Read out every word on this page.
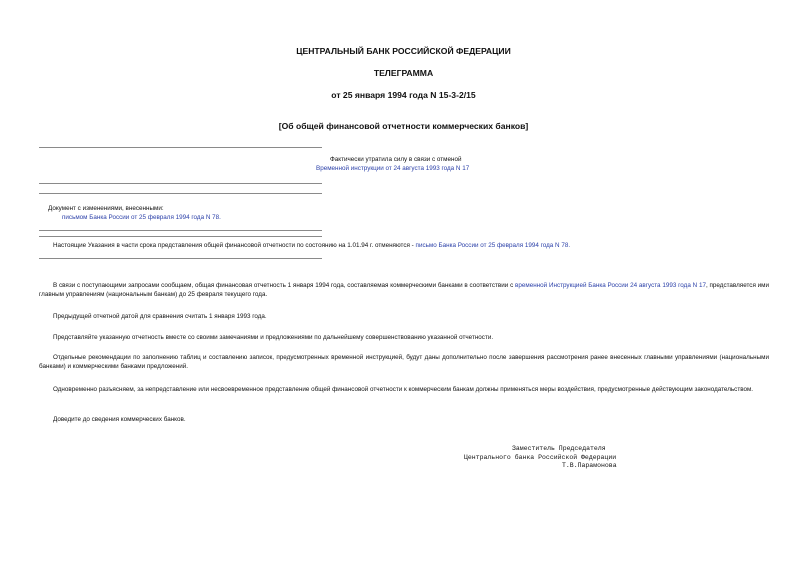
ЦЕНТРАЛЬНЫЙ БАНК РОССИЙСКОЙ ФЕДЕРАЦИИ
ТЕЛЕГРАММА
от 25 января 1994 года N 15-3-2/15
[Об общей финансовой отчетности коммерческих банков]
Фактически утратила силу в связи с отменой
Временной инструкции от 24 августа 1993 года N 17
Документ с изменениями, внесенными:
письмом Банка России от 25 февраля 1994 года N 78.
Настоящие Указания в части срока представления общей финансовой отчетности по состоянию на 1.01.94 г. отменяются - письмо Банка России от 25 февраля 1994 года N 78.
В связи с поступающими запросами сообщаем, общая финансовая отчетность 1 января 1994 года, составляемая коммерческими банками в соответствии с временной Инструкцией Банка России 24 августа 1993 года N 17, представляется ими главным управлениям (национальным банкам) до 25 февраля текущего года.
Предыдущей отчетной датой для сравнения считать 1 января 1993 года.
Представляйте указанную отчетность вместе со своими замечаниями и предложениями по дальнейшему совершенствованию указанной отчетности.
Отдельные рекомендации по заполнению таблиц и составлению записок, предусмотренных временной инструкцией, будут даны дополнительно после завершения рассмотрения ранее внесенных главными управлениями (национальными банками) и коммерческими банками предложений.
Одновременно разъясняем, за непредставление или несвоевременное представление общей финансовой отчетности к коммерческим банкам должны применяться меры воздействия, предусмотренные действующим законодательством.
Доведите до сведения коммерческих банков.
Заместитель Председателя
Центрального банка Российской Федерации
Т.В.Парамонова
